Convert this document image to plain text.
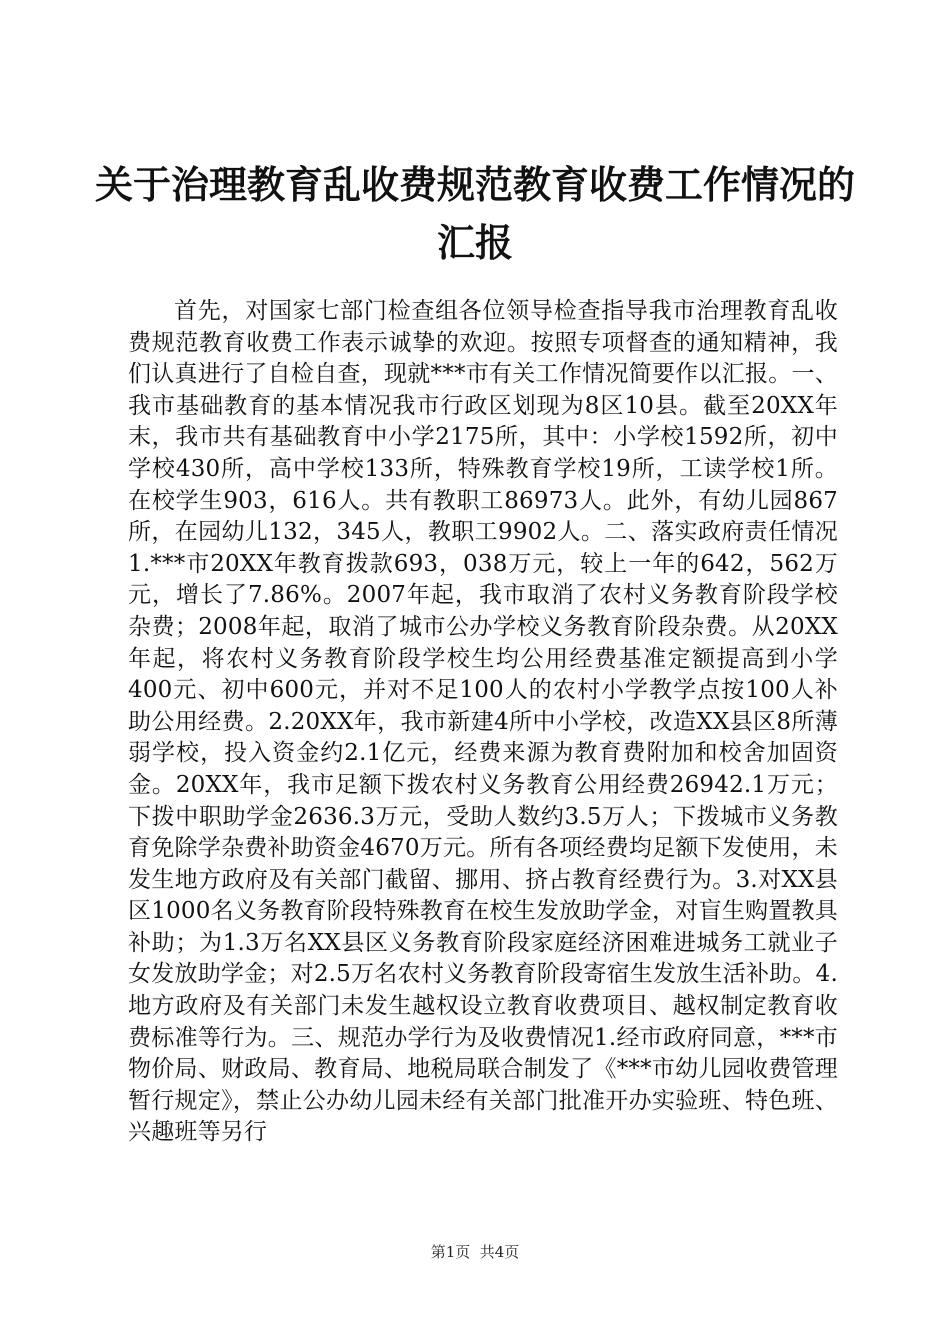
关于治理教育乱收费规范教育收费工作情况的
汇报

首先，对国家七部门检查组各位领导检查指导我市治理教育乱收费规范教育收费工作表示诚挚的欢迎。按照专项督查的通知精神，我们认真进行了自检自查，现就***市有关工作情况简要作以汇报。一、我市基础教育的基本情况我市行政区划现为8区10县。截至20XX年末，我市共有基础教育中小学2175所，其中：小学校1592所，初中学校430所，高中学校133所，特殊教育学校19所，工读学校1所。在校学生903，616人。共有教职工86973人。此外，有幼儿园867所，在园幼儿132，345人，教职工9902人。二、落实政府责任情况1.***市20XX年教育拨款693，038万元，较上一年的642，562万元，增长了7.86%。2007年起，我市取消了农村义务教育阶段学校杂费；2008年起，取消了城市公办学校义务教育阶段杂费。从20XX年起，将农村义务教育阶段学校生均公用经费基准定额提高到小学400元、初中600元，并对不足100人的农村小学教学点按100人补助公用经费。2.20XX年，我市新建4所中小学校，改造XX县区8所薄弱学校，投入资金约2.1亿元，经费来源为教育费附加和校舍加固资金。20XX年，我市足额下拨农村义务教育公用经费26942.1万元；下拨中职助学金2636.3万元，受助人数约3.5万人；下拨城市义务教育免除学杂费补助资金4670万元。所有各项经费均足额下发使用，未发生地方政府及有关部门截留、挪用、挤占教育经费行为。3.对XX县区1000名义务教育阶段特殊教育在校生发放助学金，对盲生购置教具补助；为1.3万名XX县区义务教育阶段家庭经济困难进城务工就业子女发放助学金；对2.5万名农村义务教育阶段寄宿生发放生活补助。4.地方政府及有关部门未发生越权设立教育收费项目、越权制定教育收费标准等行为。三、规范办学行为及收费情况1.经市政府同意，***市物价局、财政局、教育局、地税局联合制发了《***市幼儿园收费管理暂行规定》，禁止公办幼儿园未经有关部门批准开办实验班、特色班、兴趣班等另行

第1页  共4页
